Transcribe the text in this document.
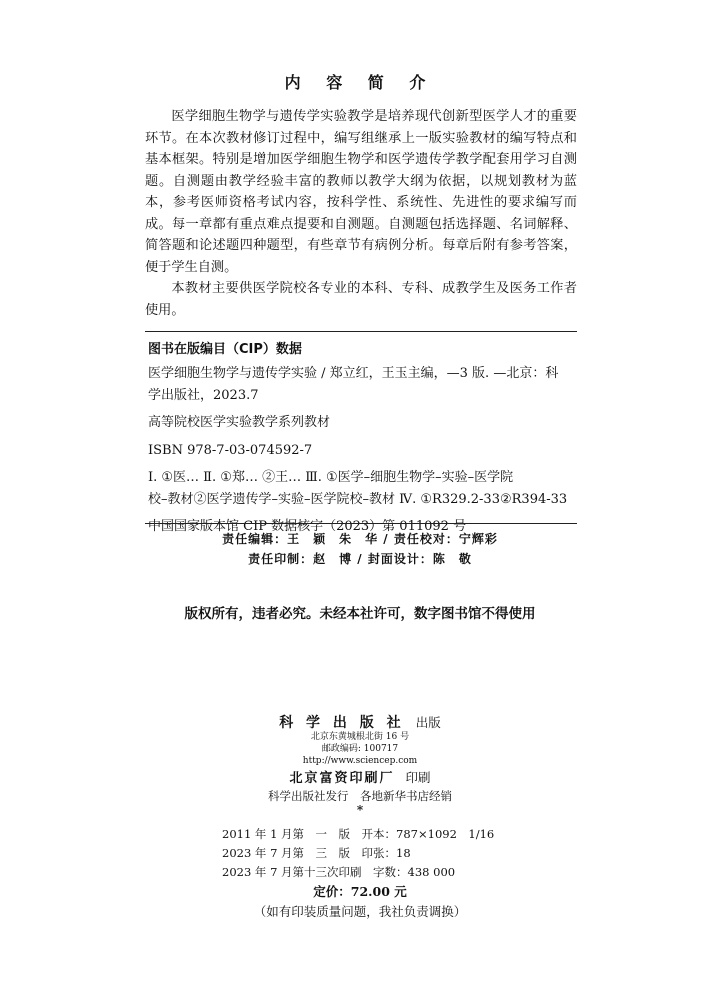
内 容 简 介

医学细胞生物学与遗传学实验教学是培养现代创新型医学人才的重要环节。在本次教材修订过程中，编写组继承上一版实验教材的编写特点和基本框架。特别是增加医学细胞生物学和医学遗传学教学配套用学习自测题。自测题由教学经验丰富的教师以教学大纲为依据，以规划教材为蓝本，参考医师资格考试内容，按科学性、系统性、先进性的要求编写而成。每一章都有重点难点提要和自测题。自测题包括选择题、名词解释、简答题和论述题四种题型，有些章节有病例分析。每章后附有参考答案，便于学生自测。

本教材主要供医学院校各专业的本科、专科、成教学生及医务工作者使用。

图书在版编目（CIP）数据
医学细胞生物学与遗传学实验 / 郑立红，王玉主编，—3 版. —北京：科
学出版社，2023.7
高等院校医学实验教学系列教材
ISBN 978-7-03-074592-7
Ⅰ. ①医… Ⅱ. ①郑… ②王… Ⅲ. ①医学–细胞生物学–实验–医学院
校–教材②医学遗传学–实验–医学院校–教材 Ⅳ. ①R329.2-33②R394-33
中国国家版本馆 CIP 数据核字（2023）第 011092 号
责任编辑：王　颖　朱　华 / 责任校对：宁辉彩
责任印制：赵　博 / 封面设计：陈　敬
版权所有，违者必究。未经本社许可，数字图书馆不得使用
科 学 出 版 社 出版
北京东黄城根北街 16 号
邮政编码: 100717
http://www.sciencep.com
北京富资印刷厂 印刷
科学出版社发行　各地新华书店经销
*
2011 年 1 月第　一　版　开本：787×1092　1/16
2023 年 7 月第　三　版　印张：18
2023 年 7 月第十三次印刷　字数：438 000
定价：72.00 元
（如有印装质量问题，我社负责调换）
